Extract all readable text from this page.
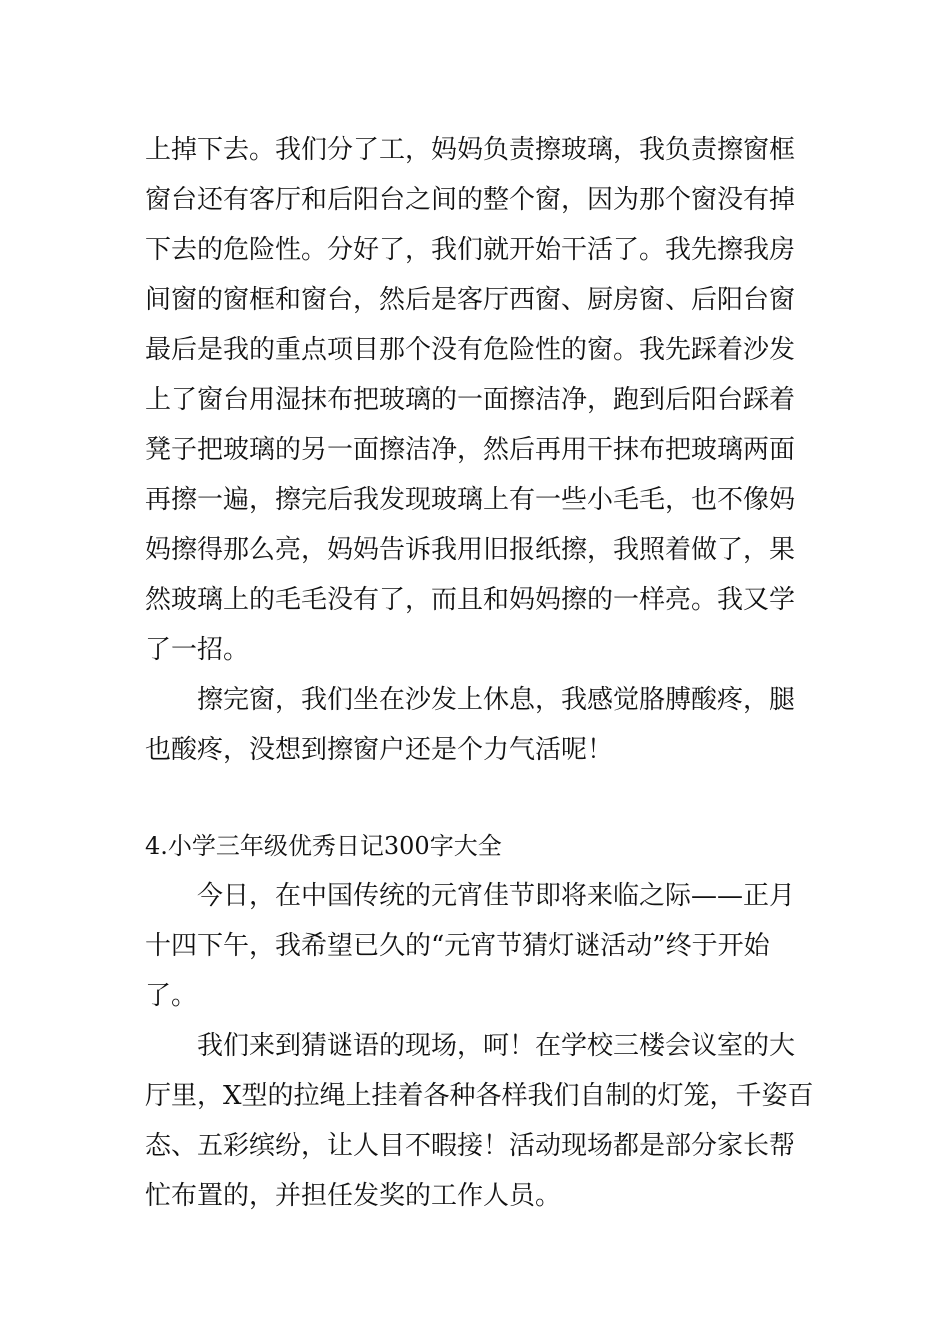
上掉下去。我们分了工，妈妈负责擦玻璃，我负责擦窗框
窗台还有客厅和后阳台之间的整个窗，因为那个窗没有掉
下去的危险性。分好了，我们就开始干活了。我先擦我房
间窗的窗框和窗台，然后是客厅西窗、厨房窗、后阳台窗
最后是我的重点项目那个没有危险性的窗。我先踩着沙发
上了窗台用湿抹布把玻璃的一面擦洁净，跑到后阳台踩着
凳子把玻璃的另一面擦洁净，然后再用干抹布把玻璃两面
再擦一遍，擦完后我发现玻璃上有一些小毛毛，也不像妈
妈擦得那么亮，妈妈告诉我用旧报纸擦，我照着做了，果
然玻璃上的毛毛没有了，而且和妈妈擦的一样亮。我又学
了一招。
擦完窗，我们坐在沙发上休息，我感觉胳膊酸疼，腿
也酸疼，没想到擦窗户还是个力气活呢！
4.小学三年级优秀日记300字大全
今日，在中国传统的元宵佳节即将来临之际——正月
十四下午，我希望已久的“元宵节猜灯谜活动”终于开始
了。
我们来到猜谜语的现场，呵！在学校三楼会议室的大
厅里，X型的拉绳上挂着各种各样我们自制的灯笼，千姿百
态、五彩缤纷，让人目不暇接！活动现场都是部分家长帮
忙布置的，并担任发奖的工作人员。
